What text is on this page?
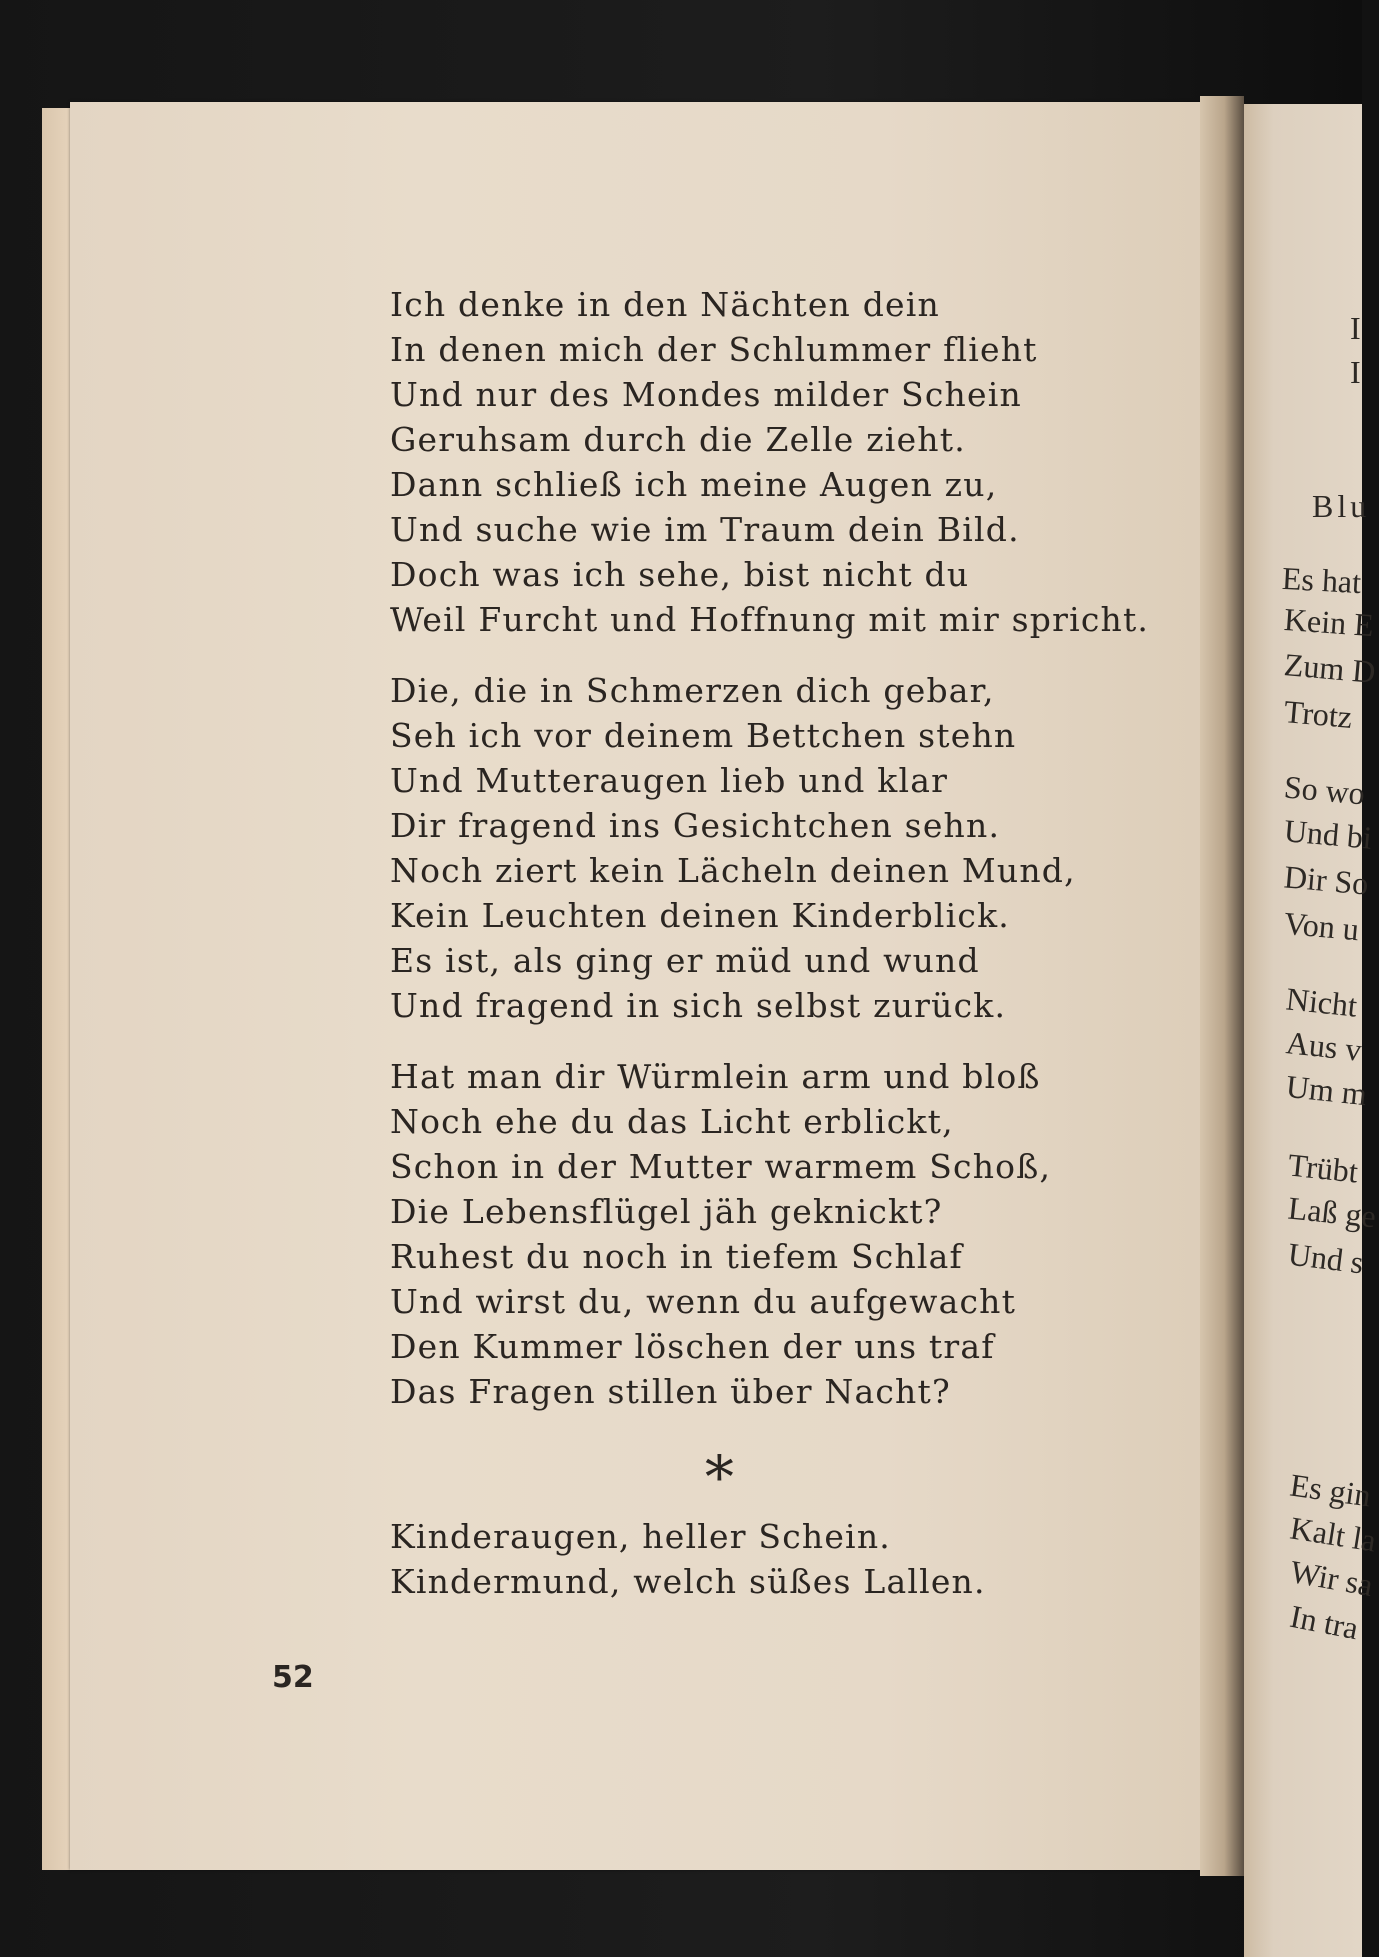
Ich denke in den Nächten dein
In denen mich der Schlummer flieht
Und nur des Mondes milder Schein
Geruhsam durch die Zelle zieht.
Dann schließ ich meine Augen zu,
Und suche wie im Traum dein Bild.
Doch was ich sehe, bist nicht du
Weil Furcht und Hoffnung mit mir spricht.
Die, die in Schmerzen dich gebar,
Seh ich vor deinem Bettchen stehn
Und Mutteraugen lieb und klar
Dir fragend ins Gesichtchen sehn.
Noch ziert kein Lächeln deinen Mund,
Kein Leuchten deinen Kinderblick.
Es ist, als ging er müd und wund
Und fragend in sich selbst zurück.
Hat man dir Würmlein arm und bloß
Noch ehe du das Licht erblickt,
Schon in der Mutter warmem Schoß,
Die Lebensflügel jäh geknickt?
Ruhest du noch in tiefem Schlaf
Und wirst du, wenn du aufgewacht
Den Kummer löschen der uns traf
Das Fragen stillen über Nacht?
*
Kinderaugen, heller Schein.
Kindermund, welch süßes Lallen.
52
I
I
Blu
Es hat
Kein E
Zum D
Trotz
So wo
Und bi
Dir So
Von u
Nicht
Aus v
Um m
Trübt
Laß ge
Und s
Es gin
Kalt la
Wir sa
In tra
